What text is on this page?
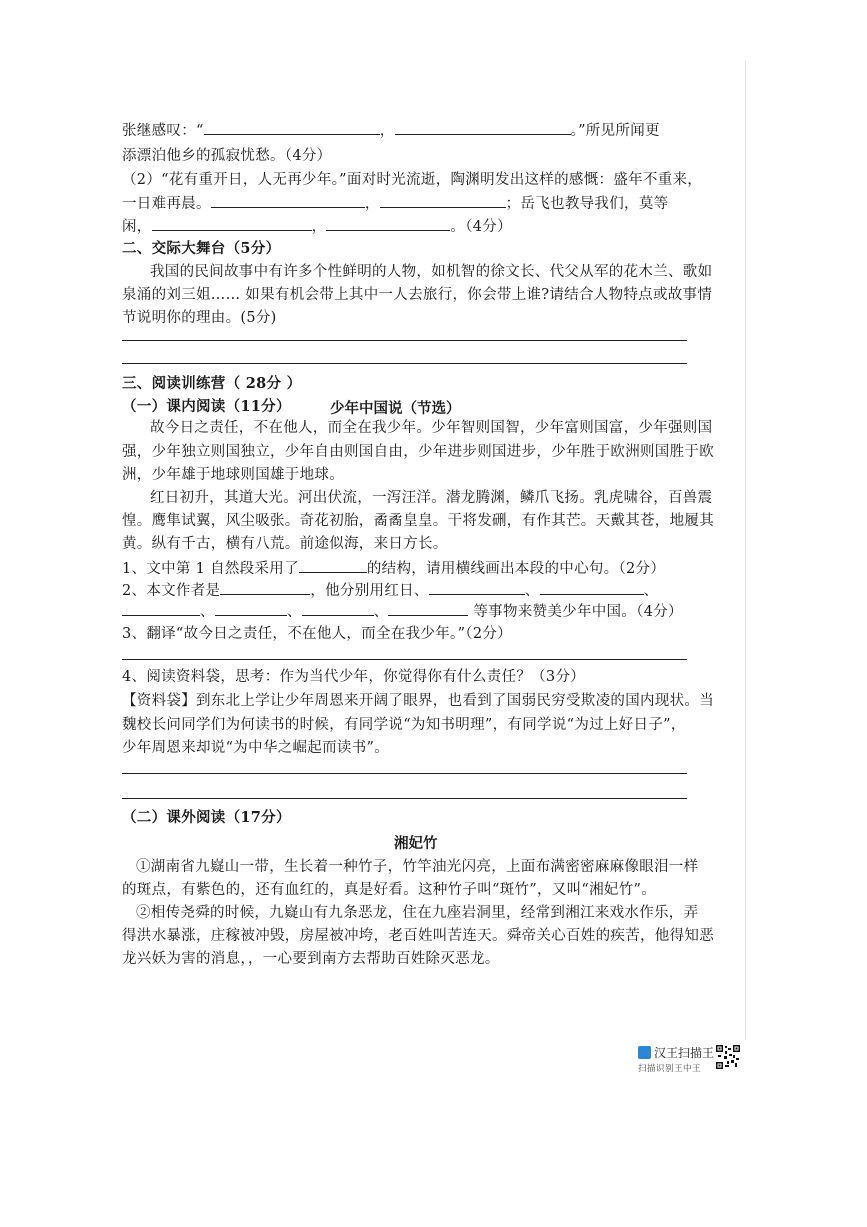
张继感叹：“	，	。”所见所闻更
添漂泊他乡的孤寂忧愁。（4分）
（2）“花有重开日，人无再少年。”面对时光流逝，陶渊明发出这样的感慨：盛年不重来，
一日难再晨。	，	；岳飞也教导我们，莫等
闲，	，	。（4分）
二、交际大舞台（5分）
我国的民间故事中有许多个性鲜明的人物，如机智的徐文长、代父从军的花木兰、歌如
泉涌的刘三姐…… 如果有机会带上其中一人去旅行，你会带上谁?请结合人物特点或故事情
节说明你的理由。(5分)
三、阅读训练营（ 28分 ）
（一）课内阅读（11分）	少年中国说（节选）
故今日之责任，不在他人，而全在我少年。少年智则国智，少年富则国富，少年强则国
强，少年独立则国独立，少年自由则国自由，少年进步则国进步，少年胜于欧洲则国胜于欧
洲，少年雄于地球则国雄于地球。
红日初升，其道大光。河出伏流，一泻汪洋。潜龙腾渊，鳞爪飞扬。乳虎啸谷，百兽震
惶。鹰隼试翼，风尘吸张。奇花初胎，矞矞皇皇。干将发硎，有作其芒。天戴其苍，地履其
黄。纵有千古，横有八荒。前途似海，来日方长。
1、文中第 1 自然段采用了	的结构，请用横线画出本段的中心句。（2分）
2、本文作者是	，他分别用红日、	、	、
、	、	、	等事物来赞美少年中国。（4分）
3、翻译“故今日之责任，不在他人，而全在我少年。”（2分）
4、阅读资料袋，思考：作为当代少年，你觉得你有什么责任？（3分）
【资料袋】到东北上学让少年周恩来开阔了眼界，也看到了国弱民穷受欺凌的国内现状。当
魏校长问同学们为何读书的时候，有同学说“为知书明理”，有同学说“为过上好日子”，
少年周恩来却说“为中华之崛起而读书”。
（二）课外阅读（17分）
湘妃竹
①湖南省九嶷山一带，生长着一种竹子，竹竿油光闪亮，上面布满密密麻麻像眼泪一样
的斑点，有紫色的，还有血红的，真是好看。这种竹子叫“斑竹”，又叫“湘妃竹”。
②相传尧舜的时候，九嶷山有九条恶龙，住在九座岩洞里，经常到湘江来戏水作乐，弄
得洪水暴涨，庄稼被冲毁，房屋被冲垮，老百姓叫苦连天。舜帝关心百姓的疾苦，他得知恶
龙兴妖为害的消息，，一心要到南方去帮助百姓除灭恶龙。
汉王扫描王
扫描识别王中王
